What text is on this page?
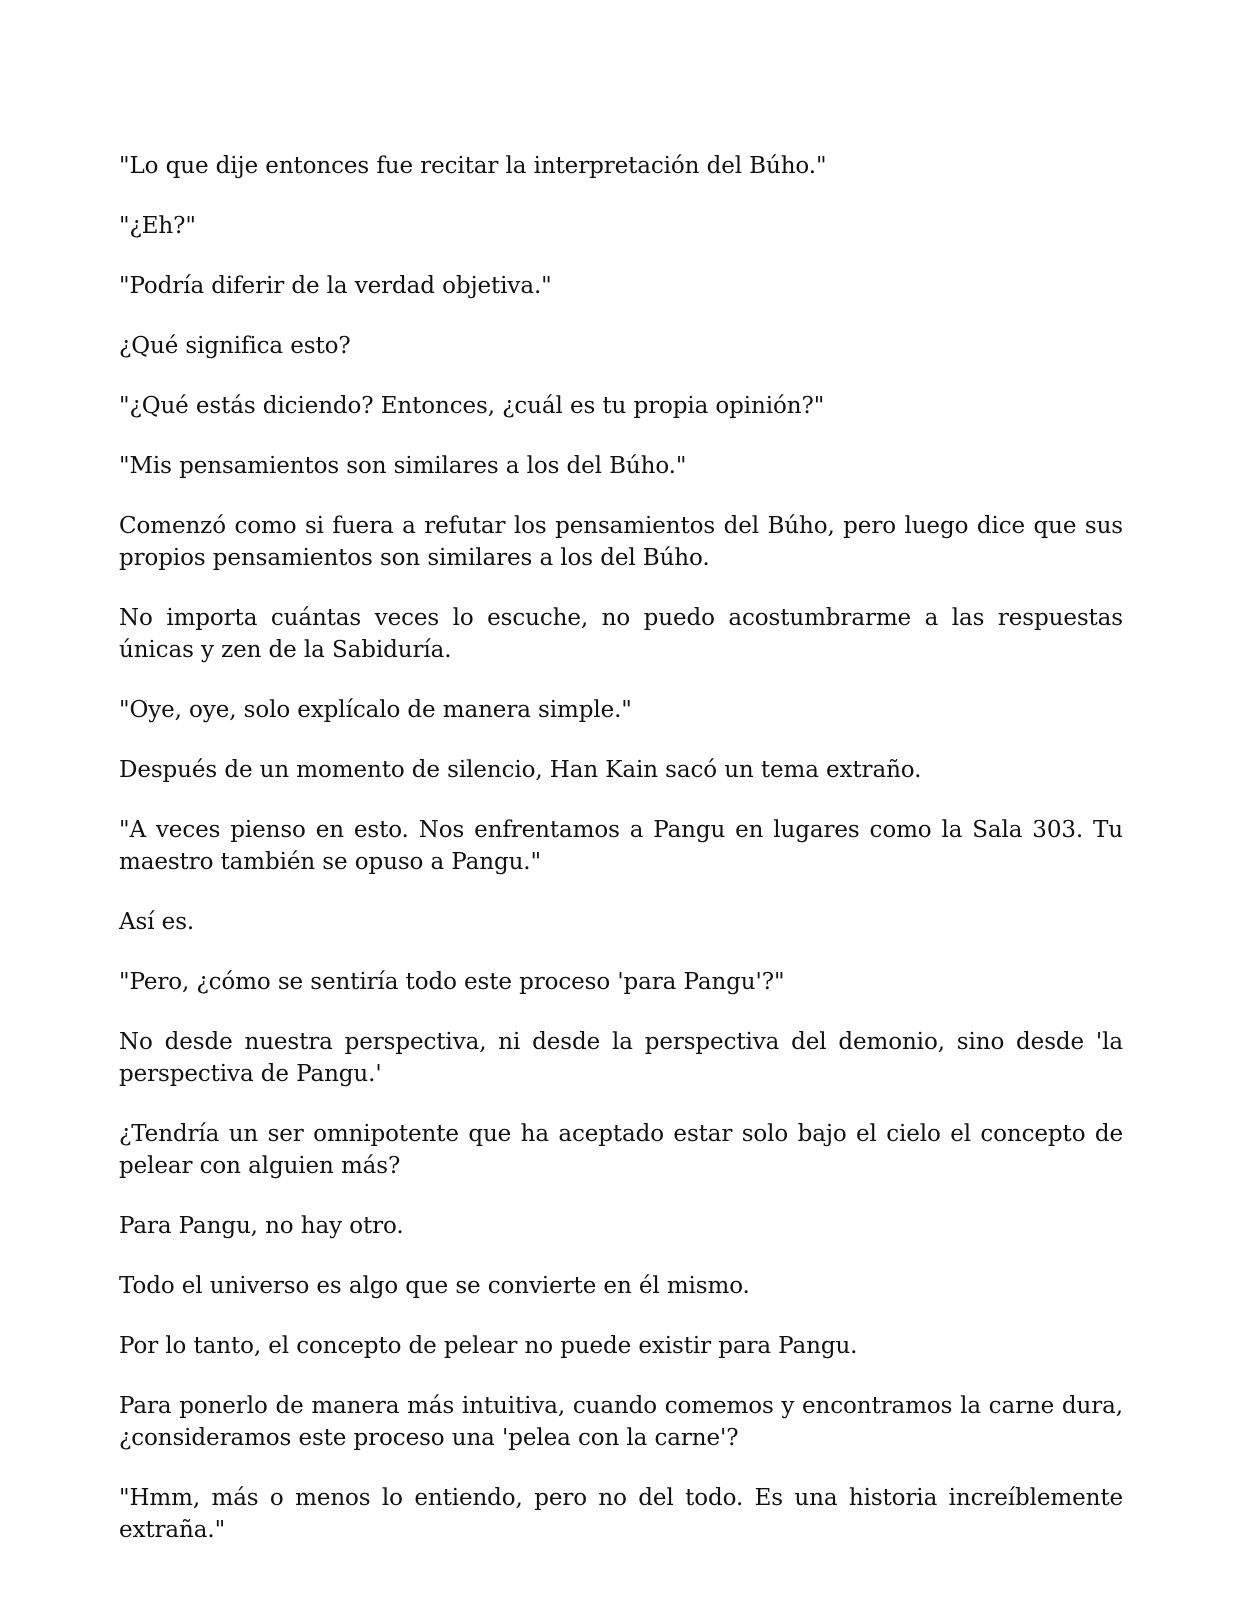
"Lo que dije entonces fue recitar la interpretación del Búho."

"¿Eh?"

"Podría diferir de la verdad objetiva."

¿Qué significa esto?

"¿Qué estás diciendo? Entonces, ¿cuál es tu propia opinión?"

"Mis pensamientos son similares a los del Búho."

Comenzó como si fuera a refutar los pensamientos del Búho, pero luego dice que sus propios pensamientos son similares a los del Búho.

No importa cuántas veces lo escuche, no puedo acostumbrarme a las respuestas únicas y zen de la Sabiduría.

"Oye, oye, solo explícalo de manera simple."

Después de un momento de silencio, Han Kain sacó un tema extraño.

"A veces pienso en esto. Nos enfrentamos a Pangu en lugares como la Sala 303. Tu maestro también se opuso a Pangu."

Así es.

"Pero, ¿cómo se sentiría todo este proceso 'para Pangu'?"

No desde nuestra perspectiva, ni desde la perspectiva del demonio, sino desde 'la perspectiva de Pangu.'

¿Tendría un ser omnipotente que ha aceptado estar solo bajo el cielo el concepto de pelear con alguien más?

Para Pangu, no hay otro.

Todo el universo es algo que se convierte en él mismo.

Por lo tanto, el concepto de pelear no puede existir para Pangu.

Para ponerlo de manera más intuitiva, cuando comemos y encontramos la carne dura, ¿consideramos este proceso una 'pelea con la carne'?

"Hmm, más o menos lo entiendo, pero no del todo. Es una historia increíblemente extraña."
